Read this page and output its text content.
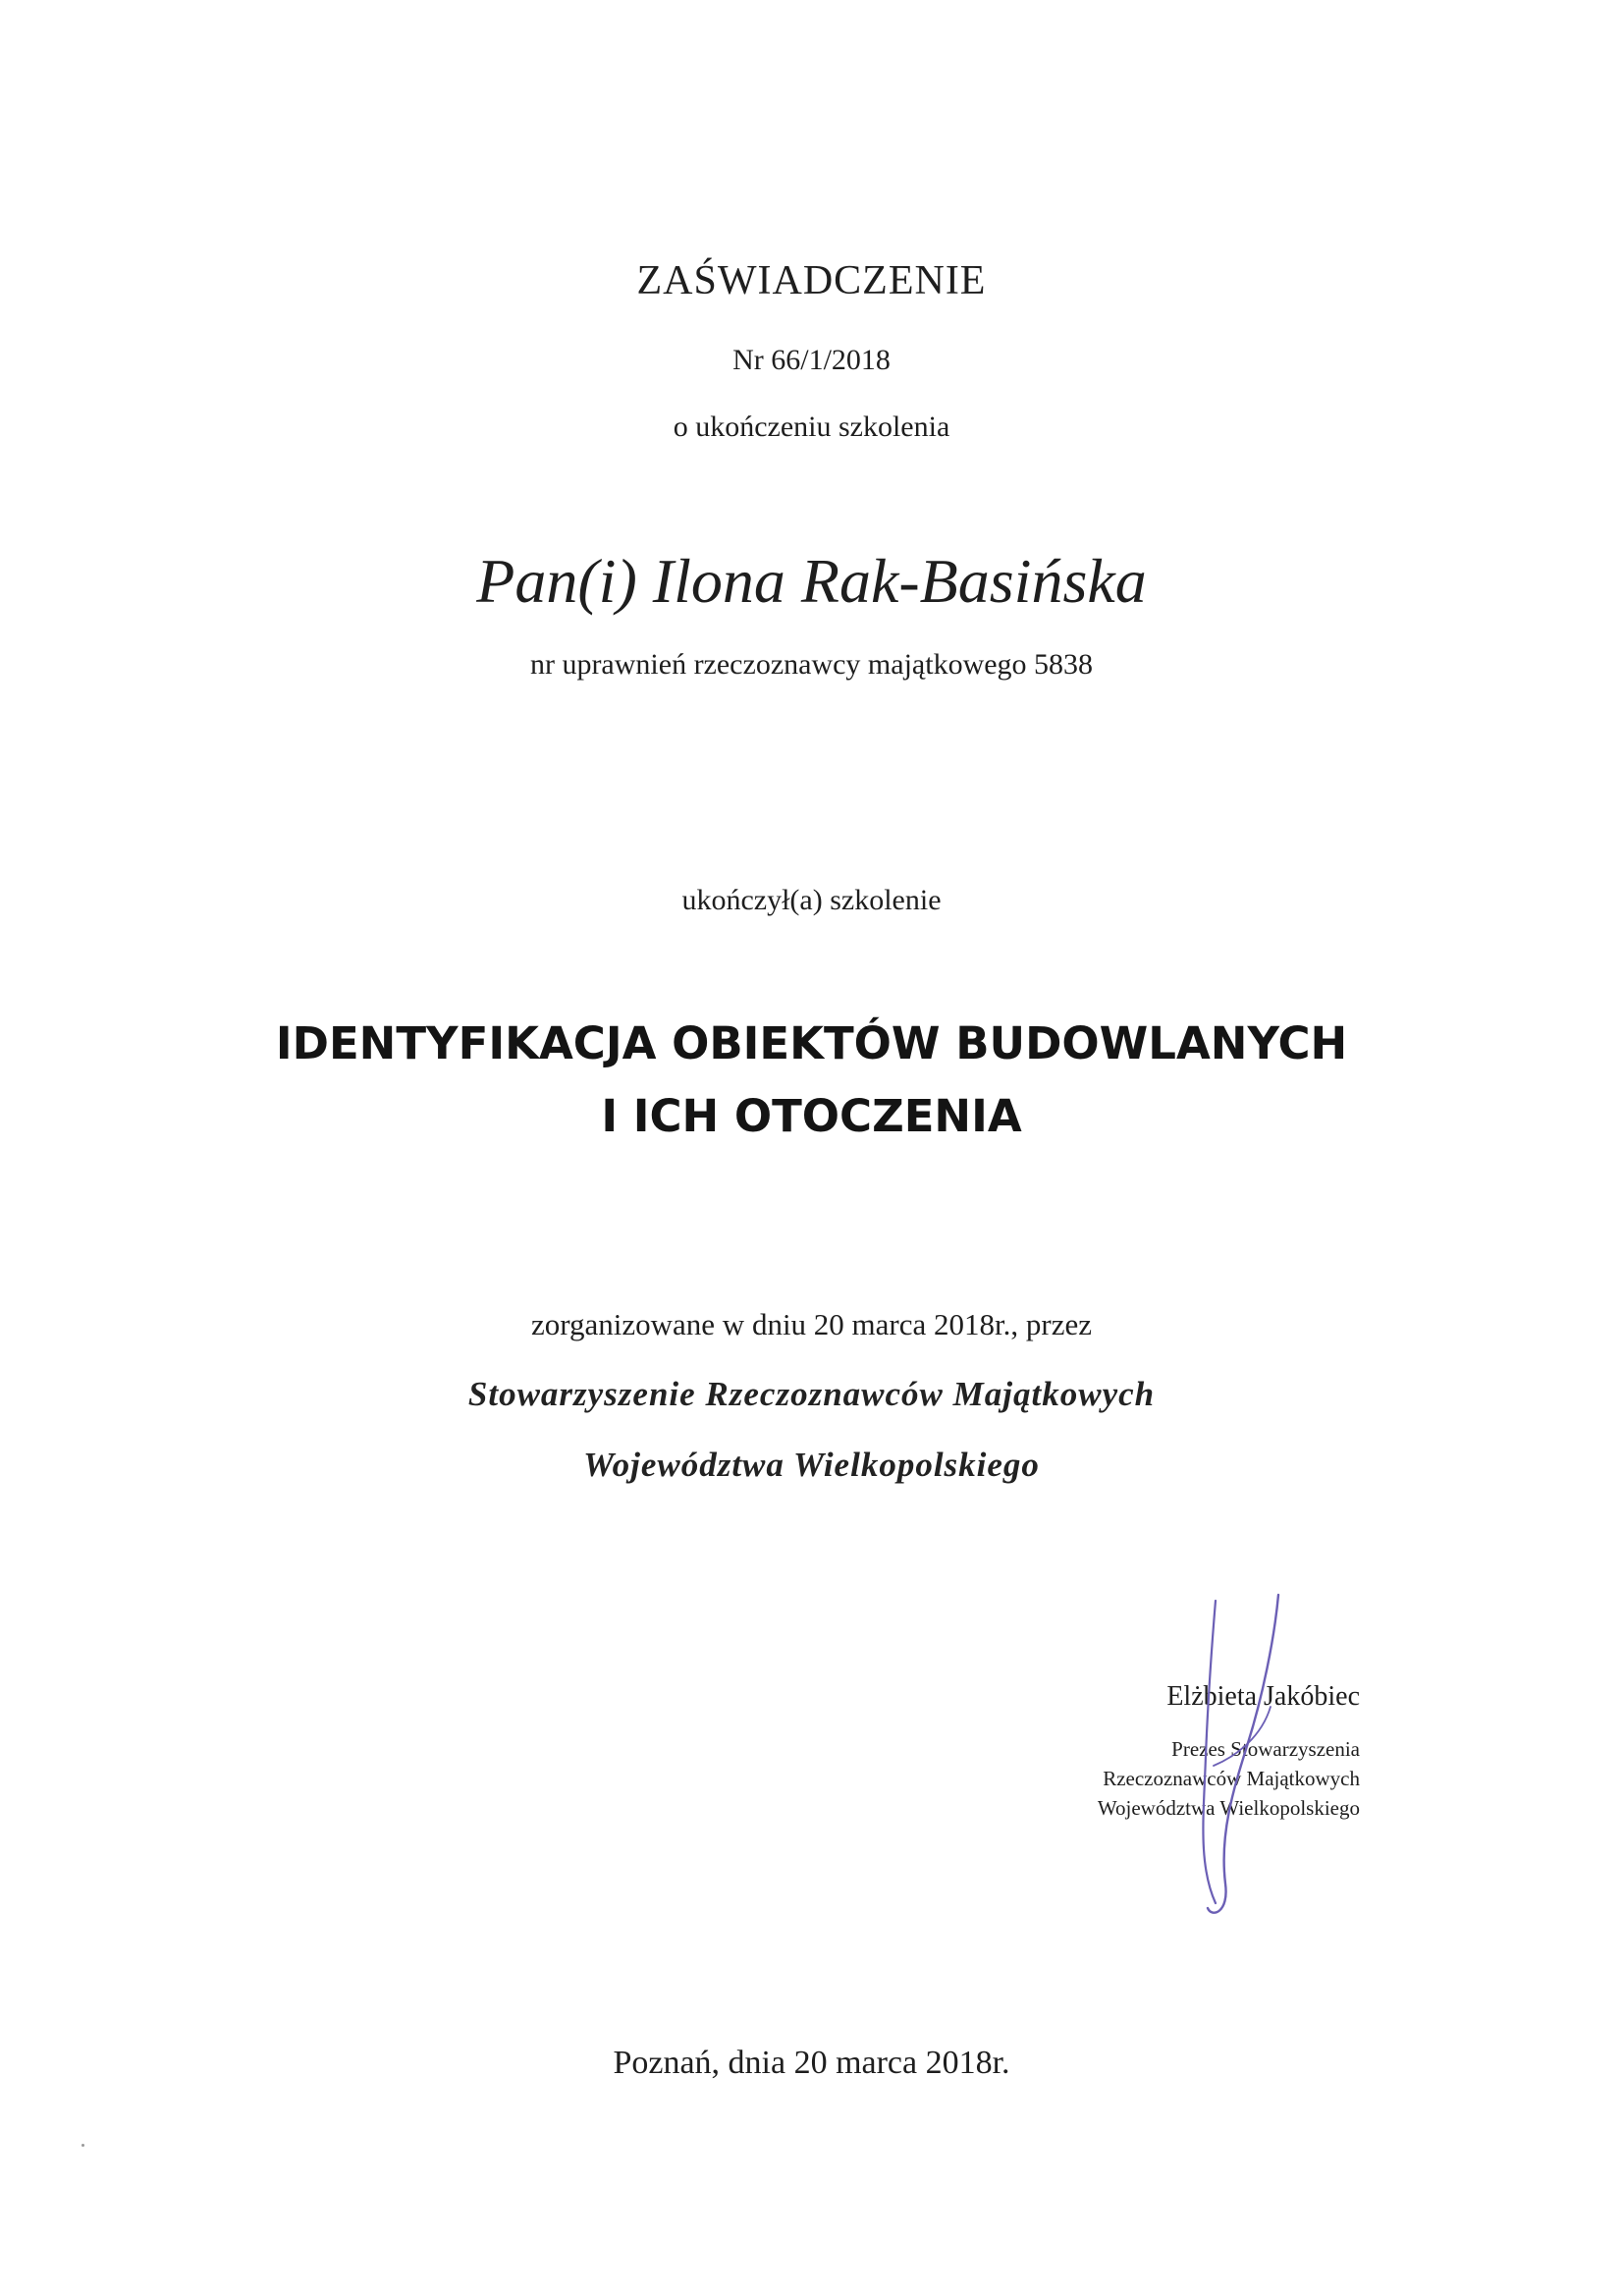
ZAŚWIADCZENIE
Nr 66/1/2018
o ukończeniu szkolenia
Pan(i) Ilona Rak-Basińska
nr uprawnień rzeczoznawcy majątkowego 5838
ukończył(a) szkolenie
IDENTYFIKACJA OBIEKTÓW BUDOWLANYCH
I ICH OTOCZENIA
zorganizowane w dniu 20 marca 2018r., przez
Stowarzyszenie Rzeczoznawców Majątkowych
Województwa Wielkopolskiego
Elżbieta Jakóbiec
Prezes Stowarzyszenia
Rzeczoznawców Majątkowych
Województwa Wielkopolskiego
Poznań, dnia 20 marca 2018r.
